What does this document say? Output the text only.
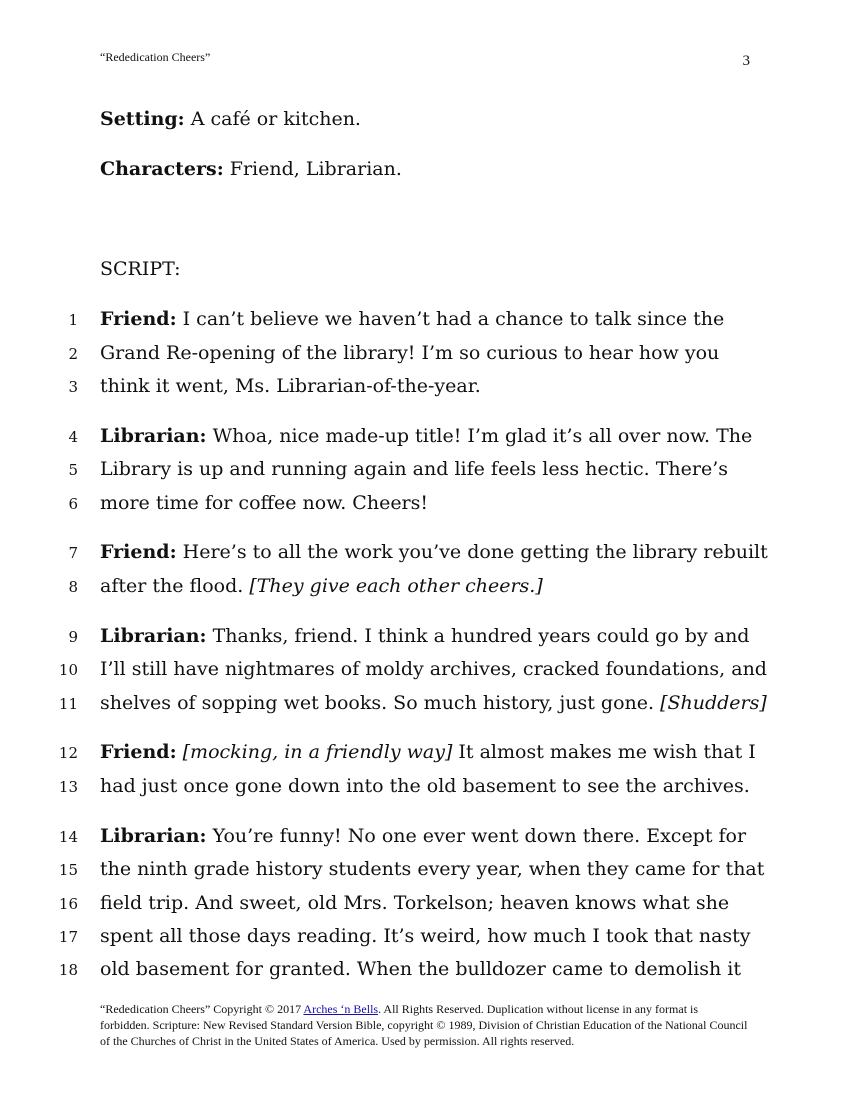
“Rededication Cheers”	3
Setting: A café or kitchen.
Characters: Friend, Librarian.
SCRIPT:
1 Friend: I can’t believe we haven’t had a chance to talk since the
2 Grand Re-opening of the library! I’m so curious to hear how you
3 think it went, Ms. Librarian-of-the-year.
4 Librarian: Whoa, nice made-up title! I’m glad it’s all over now. The
5 Library is up and running again and life feels less hectic. There’s
6 more time for coffee now. Cheers!
7 Friend: Here’s to all the work you’ve done getting the library rebuilt
8 after the flood. [They give each other cheers.]
9 Librarian: Thanks, friend. I think a hundred years could go by and
10 I’ll still have nightmares of moldy archives, cracked foundations, and
11 shelves of sopping wet books. So much history, just gone. [Shudders]
12 Friend: [mocking, in a friendly way] It almost makes me wish that I
13 had just once gone down into the old basement to see the archives.
14 Librarian: You’re funny! No one ever went down there. Except for
15 the ninth grade history students every year, when they came for that
16 field trip. And sweet, old Mrs. Torkelson; heaven knows what she
17 spent all those days reading. It’s weird, how much I took that nasty
18 old basement for granted. When the bulldozer came to demolish it
“Rededication Cheers” Copyright © 2017 Arches ‘n Bells. All Rights Reserved. Duplication without license in any format is forbidden. Scripture: New Revised Standard Version Bible, copyright © 1989, Division of Christian Education of the National Council of the Churches of Christ in the United States of America. Used by permission. All rights reserved.
